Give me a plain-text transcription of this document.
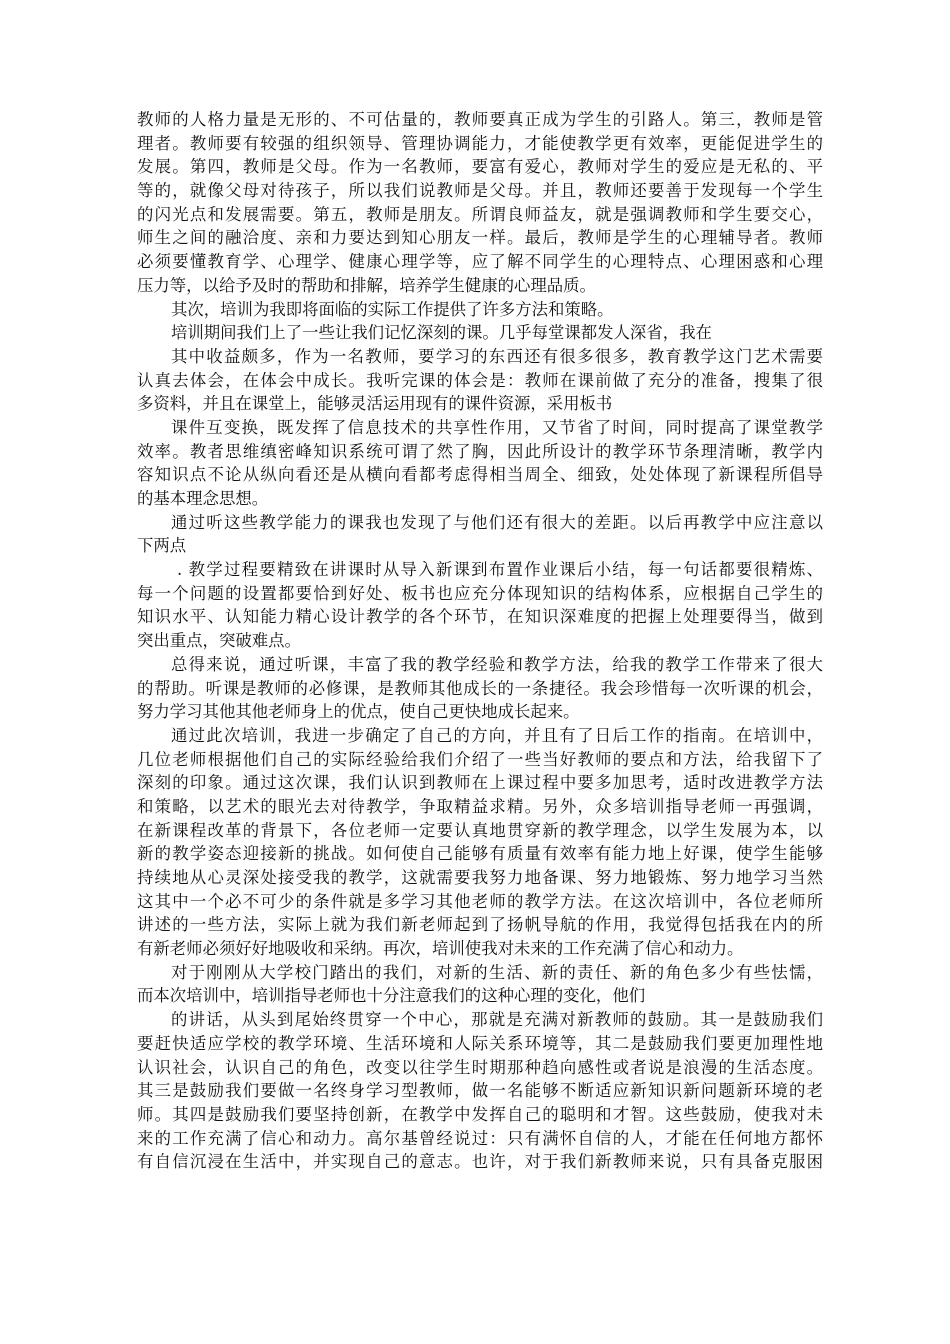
教师的人格力量是无形的、不可估量的，教师要真正成为学生的引路人。第三，教师是管
理者。教师要有较强的组织领导、管理协调能力，才能使教学更有效率，更能促进学生的
发展。第四，教师是父母。作为一名教师，要富有爱心，教师对学生的爱应是无私的、平
等的，就像父母对待孩子，所以我们说教师是父母。并且，教师还要善于发现每一个学生
的闪光点和发展需要。第五，教师是朋友。所谓良师益友，就是强调教师和学生要交心，
师生之间的融洽度、亲和力要达到知心朋友一样。最后，教师是学生的心理辅导者。教师
必须要懂教育学、心理学、健康心理学等，应了解不同学生的心理特点、心理困惑和心理
压力等，以给予及时的帮助和排解，培养学生健康的心理品质。
其次，培训为我即将面临的实际工作提供了许多方法和策略。
培训期间我们上了一些让我们记忆深刻的课。几乎每堂课都发人深省，我在
其中收益颇多，作为一名教师，要学习的东西还有很多很多，教育教学这门艺术需要
认真去体会，在体会中成长。我听完课的体会是：教师在课前做了充分的准备，搜集了很
多资料，并且在课堂上，能够灵活运用现有的课件资源，采用板书
课件互变换，既发挥了信息技术的共享性作用，又节省了时间，同时提高了课堂教学
效率。教者思维缜密峰知识系统可谓了然了胸，因此所设计的教学环节条理清晰，教学内
容知识点不论从纵向看还是从横向看都考虑得相当周全、细致，处处体现了新课程所倡导
的基本理念思想。
通过听这些教学能力的课我也发现了与他们还有很大的差距。以后再教学中应注意以
下两点
. 教学过程要精致在讲课时从导入新课到布置作业课后小结，每一句话都要很精炼、
每一个问题的设置都要恰到好处、板书也应充分体现知识的结构体系，应根据自己学生的
知识水平、认知能力精心设计教学的各个环节，在知识深难度的把握上处理要得当，做到
突出重点，突破难点。
总得来说，通过听课，丰富了我的教学经验和教学方法，给我的教学工作带来了很大
的帮助。听课是教师的必修课，是教师其他成长的一条捷径。我会珍惜每一次听课的机会，
努力学习其他其他老师身上的优点，使自己更快地成长起来。
通过此次培训，我进一步确定了自己的方向，并且有了日后工作的指南。在培训中，
几位老师根据他们自己的实际经验给我们介绍了一些当好教师的要点和方法，给我留下了
深刻的印象。通过这次课，我们认识到教师在上课过程中要多加思考，适时改进教学方法
和策略，以艺术的眼光去对待教学，争取精益求精。另外，众多培训指导老师一再强调，
在新课程改革的背景下，各位老师一定要认真地贯穿新的教学理念，以学生发展为本，以
新的教学姿态迎接新的挑战。如何使自己能够有质量有效率有能力地上好课，使学生能够
持续地从心灵深处接受我的教学，这就需要我努力地备课、努力地锻炼、努力地学习当然
这其中一个必不可少的条件就是多学习其他老师的教学方法。在这次培训中，各位老师所
讲述的一些方法，实际上就为我们新老师起到了扬帆导航的作用，我觉得包括我在内的所
有新老师必须好好地吸收和采纳。再次，培训使我对未来的工作充满了信心和动力。
对于刚刚从大学校门踏出的我们，对新的生活、新的责任、新的角色多少有些怯懦，
而本次培训中，培训指导老师也十分注意我们的这种心理的变化，他们
的讲话，从头到尾始终贯穿一个中心，那就是充满对新教师的鼓励。其一是鼓励我们
要赶快适应学校的教学环境、生活环境和人际关系环境等，其二是鼓励我们要更加理性地
认识社会，认识自己的角色，改变以往学生时期那种趋向感性或者说是浪漫的生活态度。
其三是鼓励我们要做一名终身学习型教师，做一名能够不断适应新知识新问题新环境的老
师。其四是鼓励我们要坚持创新，在教学中发挥自己的聪明和才智。这些鼓励，使我对未
来的工作充满了信心和动力。高尔基曾经说过：只有满怀自信的人，才能在任何地方都怀
有自信沉浸在生活中，并实现自己的意志。也许，对于我们新教师来说，只有具备克服困
